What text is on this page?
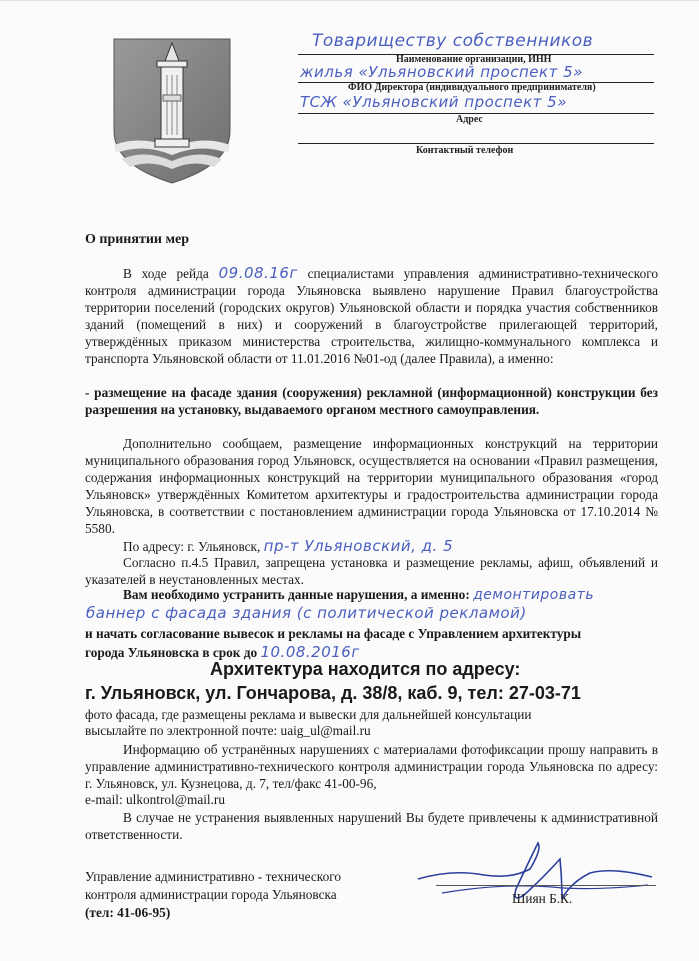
Товариществу собственников
Наименование организации, ИНН
жилья «Ульяновский проспект 5»
ФИО Директора (индивидуального предпринимателя)
ТСЖ «Ульяновский проспект 5»
Адрес
Контактный телефон
О принятии мер
В ходе рейда 09.08.16г специалистами управления административно-технического контроля администрации города Ульяновска выявлено нарушение Правил благоустройства территории поселений (городских округов) Ульяновской области и порядка участия собственников зданий (помещений в них) и сооружений в благоустройстве прилегающей территорий, утверждённых приказом министерства строительства, жилищно-коммунального комплекса и транспорта Ульяновской области от 11.01.2016 №01-од (далее Правила), а именно:
- размещение на фасаде здания (сооружения) рекламной (информационной) конструкции без разрешения на установку, выдаваемого органом местного самоуправления.
Дополнительно сообщаем, размещение информационных конструкций на территории муниципального образования город Ульяновск, осуществляется на основании «Правил размещения, содержания информационных конструкций на территории муниципального образования «город Ульяновск» утверждённых Комитетом архитектуры и градостроительства администрации города Ульяновска, в соответствии с постановлением администрации города Ульяновска от 17.10.2014 № 5580.
По адресу: г. Ульяновск, пр-т Ульяновский, д. 5
Согласно п.4.5 Правил, запрещена установка и размещение рекламы, афиш, объявлений и указателей в неустановленных местах.
Вам необходимо устранить данные нарушения, а именно: демонтировать
баннер с фасада здания (с политической рекламой)
и начать согласование вывесок и рекламы на фасаде с Управлением архитектуры
города Ульяновска в срок до 10.08.2016г
Архитектура находится по адресу:
г. Ульяновск, ул. Гончарова, д. 38/8, каб. 9, тел: 27-03-71
фото фасада, где размещены реклама и вывески для дальнейшей консультации
высылайте по электронной почте: uaig_ul@mail.ru
Информацию об устранённых нарушениях с материалами фотофиксации прошу направить в управление административно-технического контроля администрации города Ульяновска по адресу: г. Ульяновск, ул. Кузнецова, д. 7, тел/факс 41-00-96,
e-mail: ulkontrol@mail.ru
В случае не устранения выявленных нарушений Вы будете привлечены к административной ответственности.
Управление административно - технического
контроля администрации города Ульяновска
(тел: 41-06-95)
Шиян Б.К.
